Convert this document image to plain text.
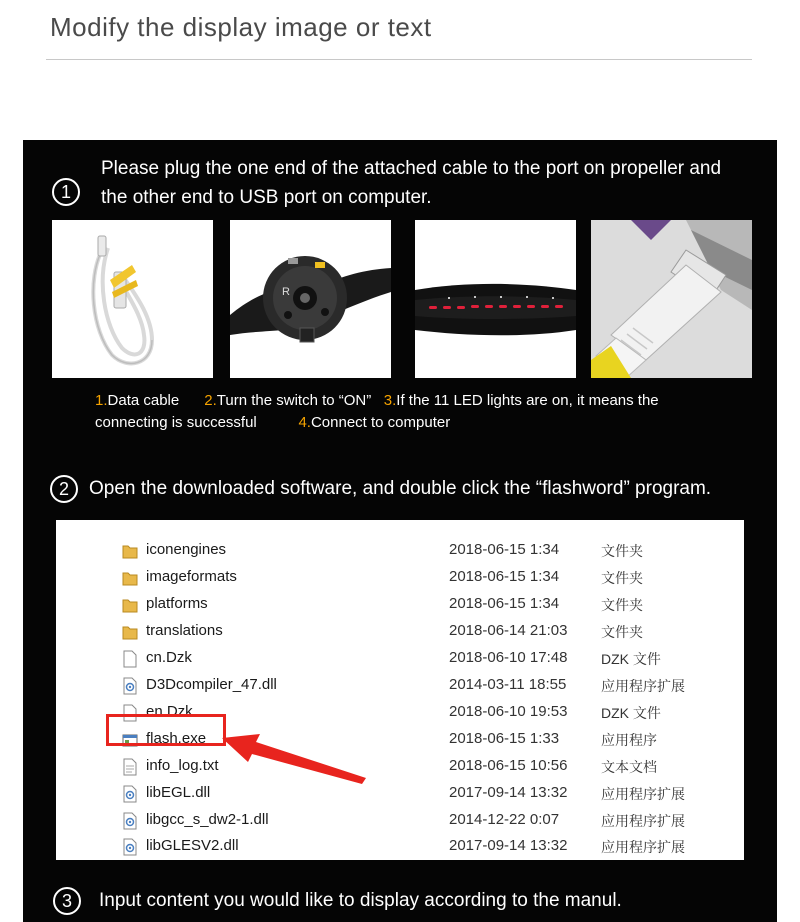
Modify the display image or text
1
Please plug the one end of the attached cable to the port on propeller and
the other end to USB port on computer.
R
1.Data cable 2.Turn the switch to “ON” 3.If the 11 LED lights are on, it means the
connecting is successful	4.Connect to computer
2	Open the downloaded software, and double click the “flashword” program.
iconengines	2018-06-15 1:34	文件夹
imageformats	2018-06-15 1:34	文件夹
platforms	2018-06-15 1:34	文件夹
translations	2018-06-14 21:03 文件夹
cn.Dzk	2018-06-10 17:48 DZK 文件
D3Dcompiler_47.dll	2014-03-11 18:55 应用程序扩展
en.Dzk	2018-06-10 19:53 DZK 文件
flash.exe	2018-06-15 1:33	应用程序
info_log.txt	2018-06-15 10:56 文本文档
libEGL.dll	2017-09-14 13:32 应用程序扩展
libgcc_s_dw2-1.dll	2014-12-22 0:07	应用程序扩展
libGLESV2.dll	2017-09-14 13:32 应用程序扩展
3	Input content you would like to display according to the manul.
